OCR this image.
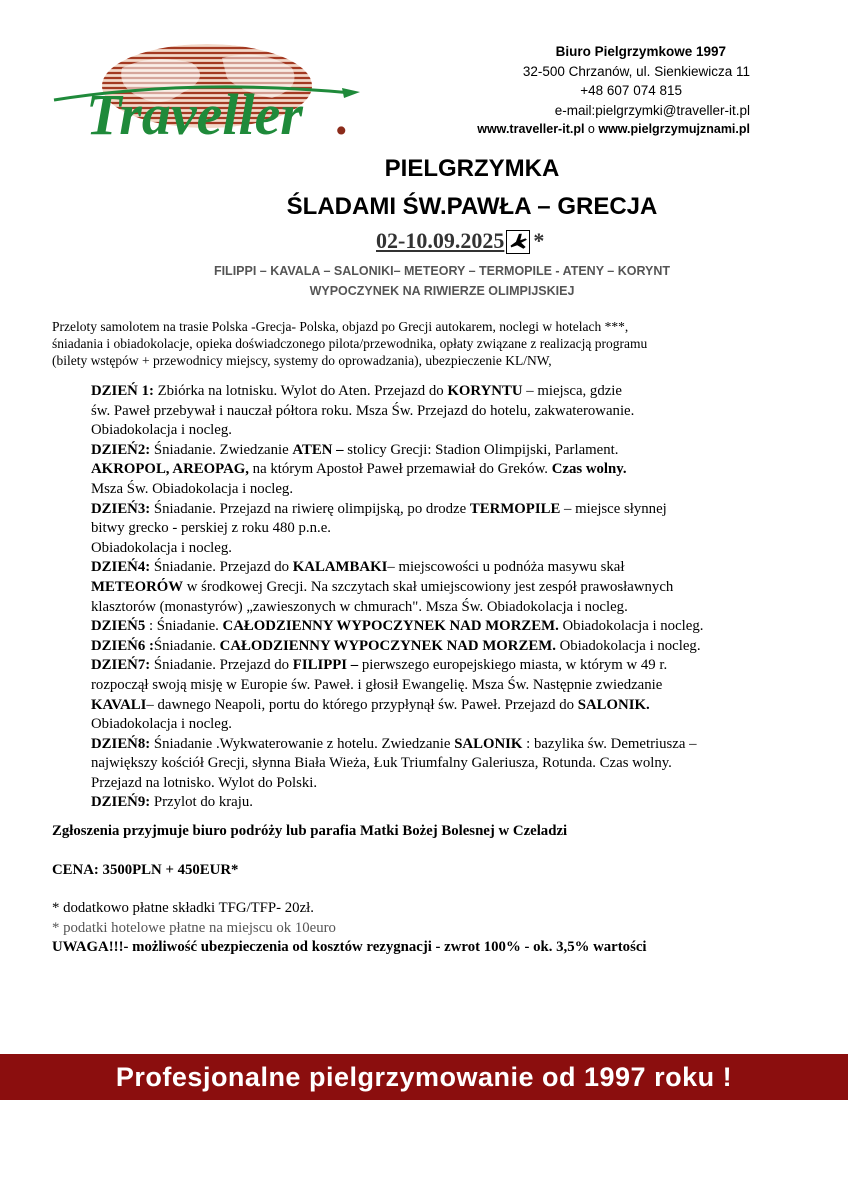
Traveller .
Biuro Pielgrzymkowe 1997
32-500 Chrzanów, ul. Sienkiewicza 11
+48 607 074 815
e-mail:pielgrzymki@traveller-it.pl
www.traveller-it.pl o www.pielgrzymujznami.pl
PIELGRZYMKA
ŚLADAMI ŚW.PAWŁA – GRECJA
02-10.09.2025 *
FILIPPI – KAVALA – SALONIKI– METEORY – TERMOPILE - ATENY – KORYNT
WYPOCZYNEK NA RIWIERZE OLIMPIJSKIEJ
Przeloty samolotem na trasie Polska -Grecja- Polska, objazd po Grecji autokarem, noclegi w hotelach ***,
śniadania i obiadokolacje, opieka doświadczonego pilota/przewodnika, opłaty związane z realizacją programu
(bilety wstępów + przewodnicy miejscy, systemy do oprowadzania), ubezpieczenie KL/NW,
DZIEŃ 1: Zbiórka na lotnisku. Wylot do Aten. Przejazd do KORYNTU – miejsca, gdzie
św. Paweł przebywał i nauczał półtora roku. Msza Św. Przejazd do hotelu, zakwaterowanie.
Obiadokolacja i nocleg.
DZIEŃ2: Śniadanie. Zwiedzanie ATEN – stolicy Grecji: Stadion Olimpijski, Parlament.
AKROPOL, AREOPAG, na którym Apostoł Paweł przemawiał do Greków. Czas wolny.
Msza Św. Obiadokolacja i nocleg.
DZIEŃ3: Śniadanie. Przejazd na riwierę olimpijską, po drodze TERMOPILE – miejsce słynnej
bitwy grecko - perskiej z roku 480 p.n.e.
Obiadokolacja i nocleg.
DZIEŃ4: Śniadanie. Przejazd do KALAMBAKI– miejscowości u podnóża masywu skał
METEORÓW w środkowej Grecji. Na szczytach skał umiejscowiony jest zespół prawosławnych
klasztorów (monastyrów) „zawieszonych w chmurach". Msza Św. Obiadokolacja i nocleg.
DZIEŃ5 : Śniadanie. CAŁODZIENNY WYPOCZYNEK NAD MORZEM. Obiadokolacja i nocleg.
DZIEŃ6 :Śniadanie. CAŁODZIENNY WYPOCZYNEK NAD MORZEM. Obiadokolacja i nocleg.
DZIEŃ7: Śniadanie. Przejazd do FILIPPI – pierwszego europejskiego miasta, w którym w 49 r.
rozpoczął swoją misję w Europie św. Paweł. i głosił Ewangelię. Msza Św. Następnie zwiedzanie
KAVALI– dawnego Neapoli, portu do którego przypłynął św. Paweł. Przejazd do SALONIK.
Obiadokolacja i nocleg.
DZIEŃ8: Śniadanie .Wykwaterowanie z hotelu. Zwiedzanie SALONIK : bazylika św. Demetriusza –
największy kościół Grecji, słynna Biała Wieża, Łuk Triumfalny Galeriusza, Rotunda. Czas wolny.
Przejazd na lotnisko. Wylot do Polski.
DZIEŃ9: Przylot do kraju.
Zgłoszenia przyjmuje biuro podróży lub parafia Matki Bożej Bolesnej w Czeladzi
CENA: 3500PLN + 450EUR*
* dodatkowo płatne składki TFG/TFP- 20zł.
* podatki hotelowe płatne na miejscu ok 10euro
UWAGA!!!- możliwość ubezpieczenia od kosztów rezygnacji - zwrot 100% - ok. 3,5% wartości
Profesjonalne pielgrzymowanie od 1997 roku !
